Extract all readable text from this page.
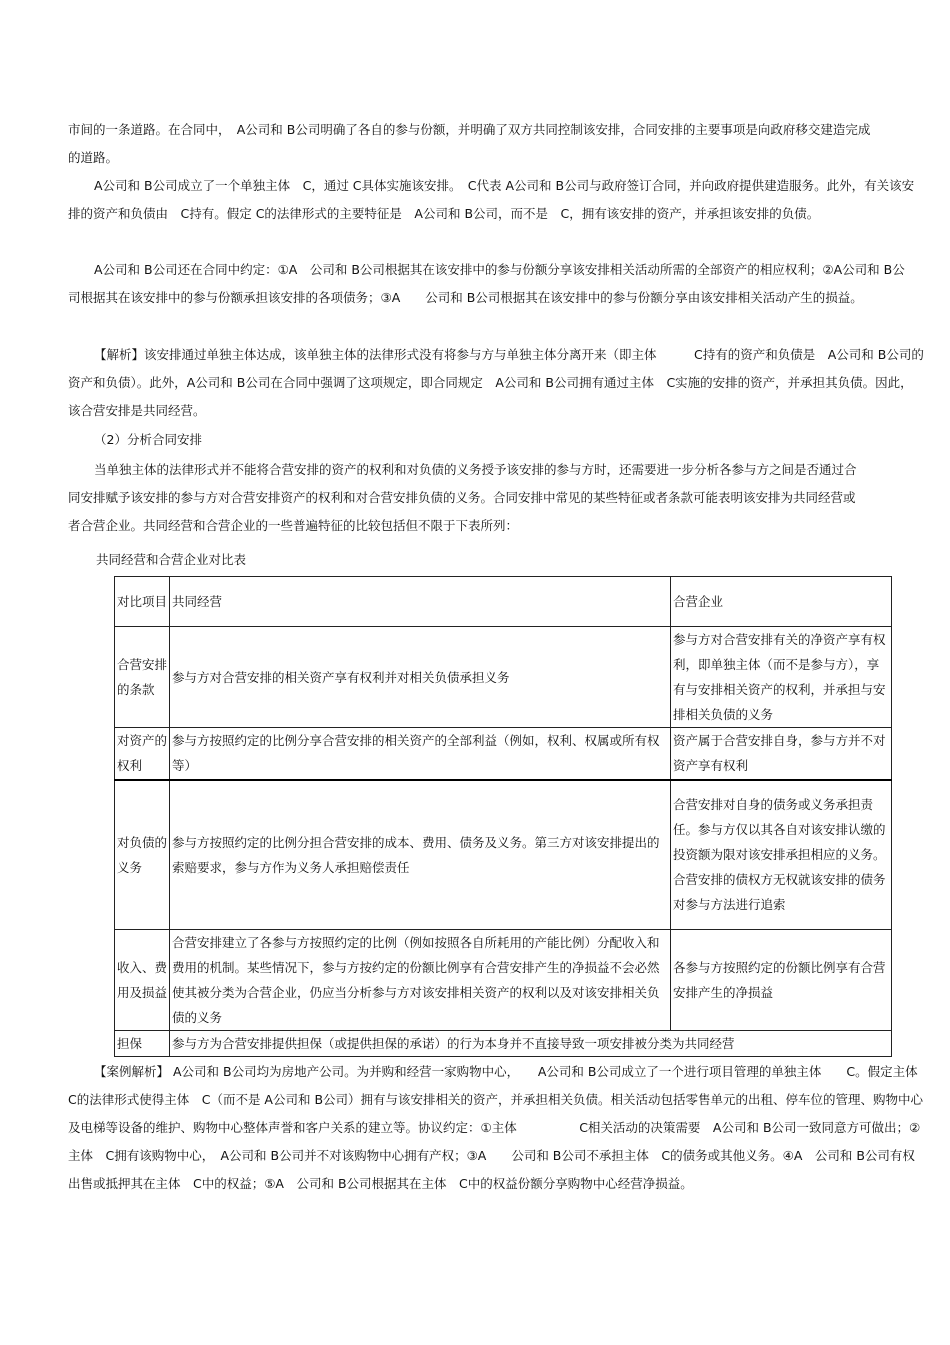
市间的一条道路。在合同中，　A公司和 B公司明确了各自的参与份额，并明确了双方共同控制该安排，合同安排的主要事项是向政府移交建造完成的道路。

A公司和 B公司成立了一个单独主体　C，通过 C具体实施该安排。　C代表 A公司和 B公司与政府签订合同，并向政府提供建造服务。此外，有关该安排的资产和负债由　C持有。假定 C的法律形式的主要特征是　A公司和 B公司，而不是　C，拥有该安排的资产，并承担该安排的负债。

A公司和 B公司还在合同中约定：①A　公司和 B公司根据其在该安排中的参与份额分享该安排相关活动所需的全部资产的相应权利；②A公司和 B公司根据其在该安排中的参与份额承担该安排的各项债务；③A　　公司和 B公司根据其在该安排中的参与份额分享由该安排相关活动产生的损益。

【解析】该安排通过单独主体达成，该单独主体的法律形式没有将参与方与单独主体分离开来（即主体　　　C持有的资产和负债是　A公司和 B公司的资产和负债）。此外，A公司和 B公司在合同中强调了这项规定，即合同规定　A公司和 B公司拥有通过主体　C实施的安排的资产，并承担其负债。因此，该合营安排是共同经营。

（2）分析合同安排

当单独主体的法律形式并不能将合营安排的资产的权利和对负债的义务授予该安排的参与方时，还需要进一步分析各参与方之间是否通过合同安排赋予该安排的参与方对合营安排资产的权利和对合营安排负债的义务。合同安排中常见的某些特征或者条款可能表明该安排为共同经营或者合营企业。共同经营和合营企业的一些普遍特征的比较包括但不限于下表所列：

共同经营和合营企业对比表

对比项目	共同经营	合营企业
合营安排的条款	参与方对合营安排的相关资产享有权利并对相关负债承担义务	参与方对合营安排有关的净资产享有权利，即单独主体（而不是参与方），享有与安排相关资产的权利，并承担与安排相关负债的义务
对资产的权利	参与方按照约定的比例分享合营安排的相关资产的全部利益（例如，权利、权属或所有权等）	资产属于合营安排自身，参与方并不对资产享有权利
对负债的义务	参与方按照约定的比例分担合营安排的成本、费用、债务及义务。第三方对该安排提出的索赔要求，参与方作为义务人承担赔偿责任	合营安排对自身的债务或义务承担责任。参与方仅以其各自对该安排认缴的投资额为限对该安排承担相应的义务。合营安排的债权方无权就该安排的债务对参与方法进行追索
收入、费用及损益	合营安排建立了各参与方按照约定的比例（例如按照各自所耗用的产能比例）分配收入和费用的机制。某些情况下，参与方按约定的份额比例享有合营安排产生的净损益不会必然使其被分类为合营企业，仍应当分析参与方对该安排相关资产的权利以及对该安排相关负债的义务	各参与方按照约定的份额比例享有合营安排产生的净损益
担保	参与方为合营安排提供担保（或提供担保的承诺）的行为本身并不直接导致一项安排被分类为共同经营	

【案例解析】 A公司和 B公司均为房地产公司。为并购和经营一家购物中心，　　A公司和 B公司成立了一个进行项目管理的单独主体　　C。假定主体 C的法律形式使得主体　C（而不是 A公司和 B公司）拥有与该安排相关的资产，并承担相关负债。相关活动包括零售单元的出租、停车位的管理、购物中心及电梯等设备的维护、购物中心整体声誉和客户关系的建立等。协议约定：①主体　　　　　C相关活动的决策需要　A公司和 B公司一致同意方可做出；②主体　C拥有该购物中心，　A公司和 B公司并不对该购物中心拥有产权；③A　　公司和 B公司不承担主体　C的债务或其他义务。④A　公司和 B公司有权出售或抵押其在主体　C中的权益；⑤A　公司和 B公司根据其在主体　C中的权益份额分享购物中心经营净损益。
